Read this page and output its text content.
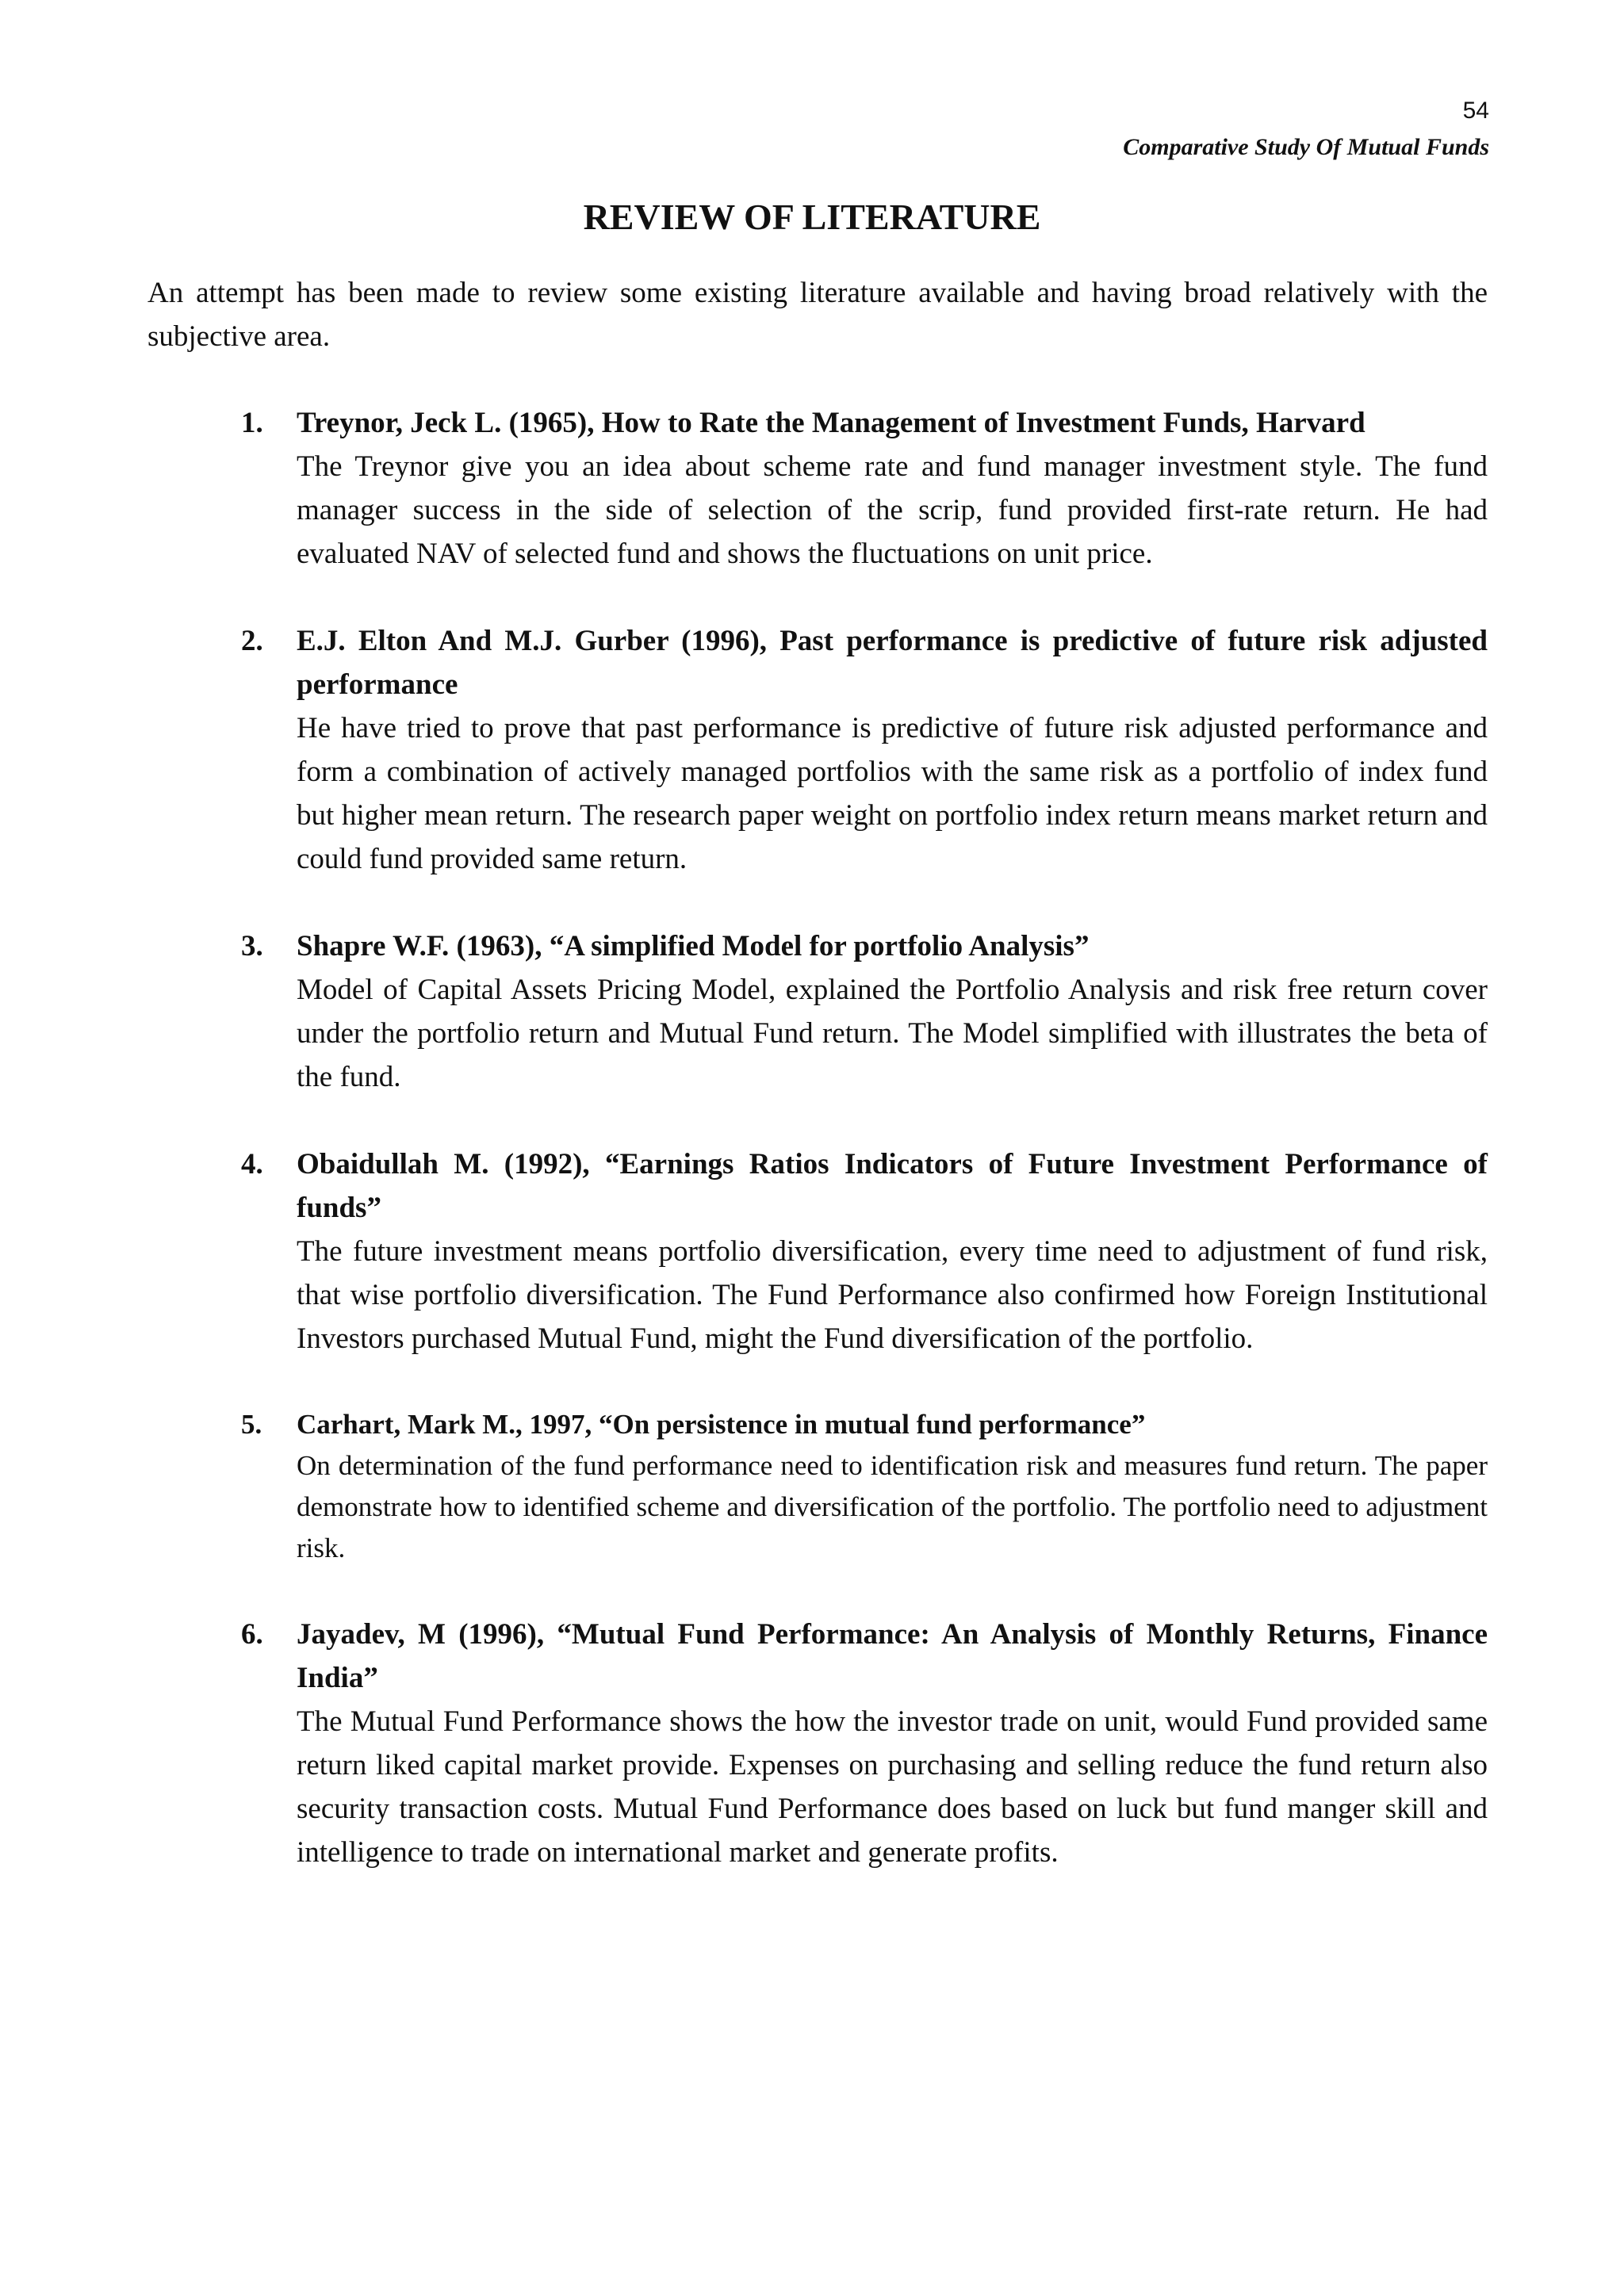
54
Comparative Study Of Mutual Funds
REVIEW OF LITERATURE

An attempt has been made to review some existing literature available and having broad relatively with the subjective area.

1. Treynor, Jeck L. (1965), How to Rate the Management of Investment Funds, Harvard

The Treynor give you an idea about scheme rate and fund manager investment style. The fund manager success in the side of selection of the scrip, fund provided first-rate return. He had evaluated NAV of selected fund and shows the fluctuations on unit price.

2. E.J. Elton And M.J. Gurber (1996), Past performance is predictive of future risk adjusted performance

He have tried to prove that past performance is predictive of future risk adjusted performance and form a combination of actively managed portfolios with the same risk as a portfolio of index fund but higher mean return. The research paper weight on portfolio index return means market return and could fund provided same return.

3. Shapre W.F. (1963), “A simplified Model for portfolio Analysis”

Model of Capital Assets Pricing Model, explained the Portfolio Analysis and risk free return cover under the portfolio return and Mutual Fund return. The Model simplified with illustrates the beta of the fund.

4. Obaidullah M. (1992), “Earnings Ratios Indicators of Future Investment Performance of funds”

The future investment means portfolio diversification, every time need to adjustment of fund risk, that wise portfolio diversification. The Fund Performance also confirmed how Foreign Institutional Investors purchased Mutual Fund, might the Fund diversification of the portfolio.

5. Carhart, Mark M., 1997, “On persistence in mutual fund performance”

On determination of the fund performance need to identification risk and measures fund return. The paper demonstrate how to identified scheme and diversification of the portfolio. The portfolio need to adjustment risk.

6. Jayadev, M (1996), “Mutual Fund Performance: An Analysis of Monthly Returns, Finance India”

The Mutual Fund Performance shows the how the investor trade on unit, would Fund provided same return liked capital market provide. Expenses on purchasing and selling reduce the fund return also security transaction costs. Mutual Fund Performance does based on luck but fund manger skill and intelligence to trade on international market and generate profits.
